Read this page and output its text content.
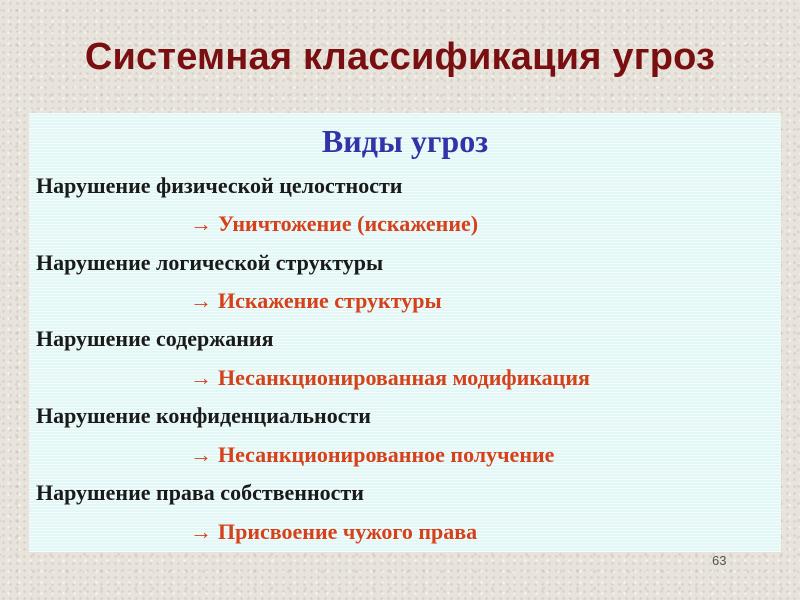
Системная классификация угроз
Виды угроз
Нарушение физической целостности
→ Уничтожение (искажение)
Нарушение логической структуры
→ Искажение структуры
Нарушение содержания
→ Несанкционированная модификация
Нарушение конфиденциальности
→ Несанкционированное получение
Нарушение права собственности
→ Присвоение чужого права
63
